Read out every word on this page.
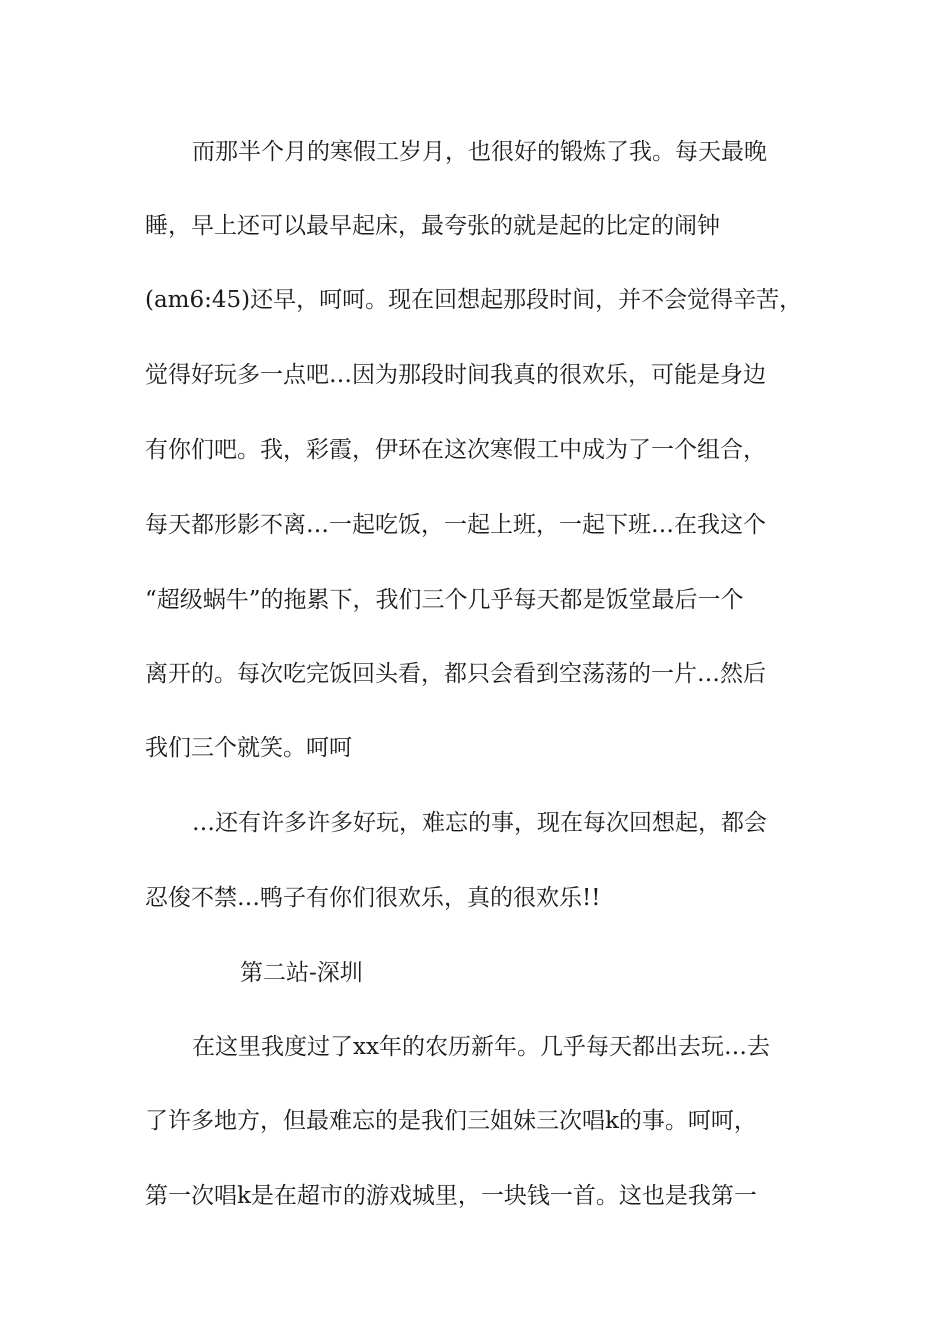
而那半个月的寒假工岁月，也很好的锻炼了我。每天最晚
睡，早上还可以最早起床，最夸张的就是起的比定的闹钟
(am6:45)还早，呵呵。现在回想起那段时间，并不会觉得辛苦，
觉得好玩多一点吧…因为那段时间我真的很欢乐，可能是身边
有你们吧。我，彩霞，伊环在这次寒假工中成为了一个组合，
每天都形影不离…一起吃饭，一起上班，一起下班…在我这个
“超级蜗牛”的拖累下，我们三个几乎每天都是饭堂最后一个
离开的。每次吃完饭回头看，都只会看到空荡荡的一片…然后
我们三个就笑。呵呵
…还有许多许多好玩，难忘的事，现在每次回想起，都会
忍俊不禁…鸭子有你们很欢乐，真的很欢乐!!
第二站-深圳
在这里我度过了xx年的农历新年。几乎每天都出去玩…去
了许多地方，但最难忘的是我们三姐妹三次唱k的事。呵呵，
第一次唱k是在超市的游戏城里，一块钱一首。这也是我第一
